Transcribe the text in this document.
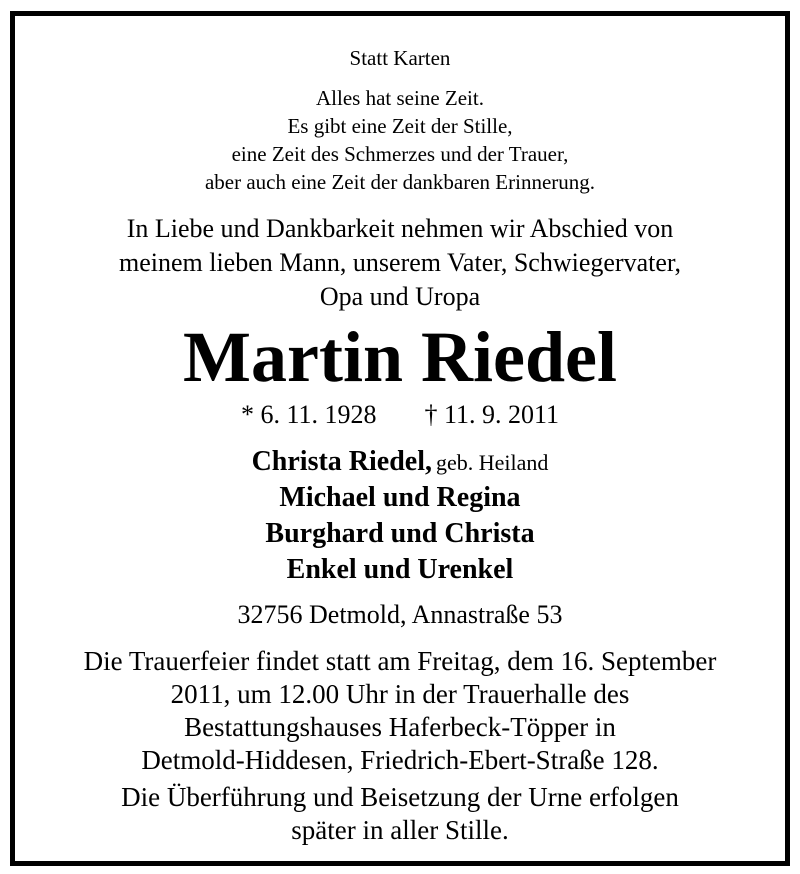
Statt Karten
Alles hat seine Zeit.
Es gibt eine Zeit der Stille,
eine Zeit des Schmerzes und der Trauer,
aber auch eine Zeit der dankbaren Erinnerung.
In Liebe und Dankbarkeit nehmen wir Abschied von
meinem lieben Mann, unserem Vater, Schwiegervater,
Opa und Uropa
Martin Riedel
* 6. 11. 1928 † 11. 9. 2011
Christa Riedel, geb. Heiland
Michael und Regina
Burghard und Christa
Enkel und Urenkel
32756 Detmold, Annastraße 53
Die Trauerfeier findet statt am Freitag, dem 16. September
2011, um 12.00 Uhr in der Trauerhalle des
Bestattungshauses Haferbeck-Töpper in
Detmold-Hiddesen, Friedrich-Ebert-Straße 128.
Die Überführung und Beisetzung der Urne erfolgen
später in aller Stille.
